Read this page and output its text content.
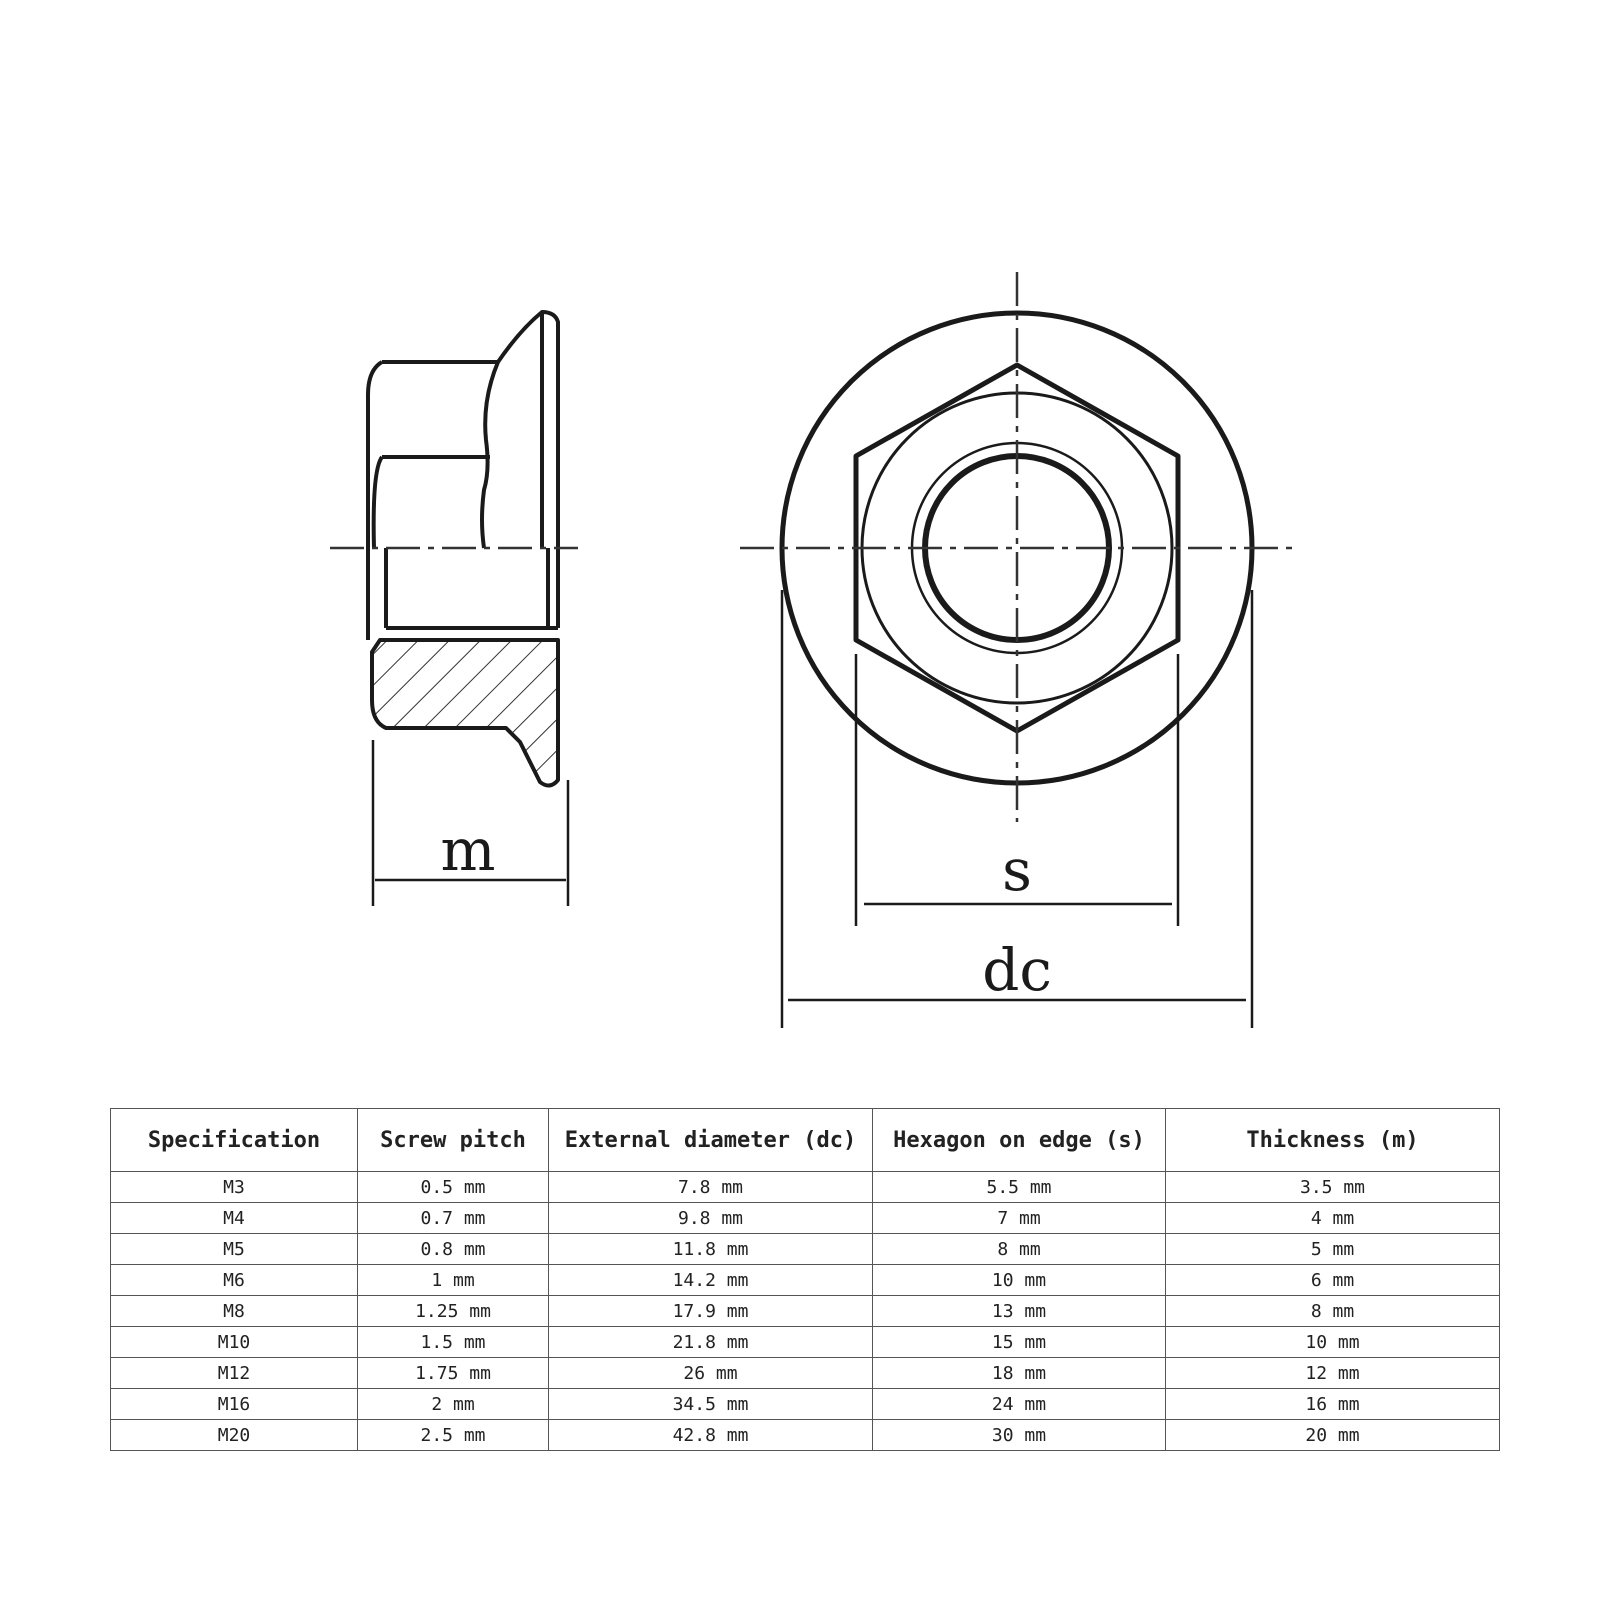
m	s
dc
Specification	Screw pitch	External diameter (dc)	Hexagon on edge (s)	Thickness (m)
M3	0.5 mm	7.8 mm	5.5 mm	3.5 mm
M4	0.7 mm	9.8 mm	7 mm	4 mm
M5	0.8 mm	11.8 mm	8 mm	5 mm
M6	1 mm	14.2 mm	10 mm	6 mm
M8	1.25 mm	17.9 mm	13 mm	8 mm
M10	1.5 mm	21.8 mm	15 mm	10 mm
M12	1.75 mm	26 mm	18 mm	12 mm
M16	2 mm	34.5 mm	24 mm	16 mm
M20	2.5 mm	42.8 mm	30 mm	20 mm
